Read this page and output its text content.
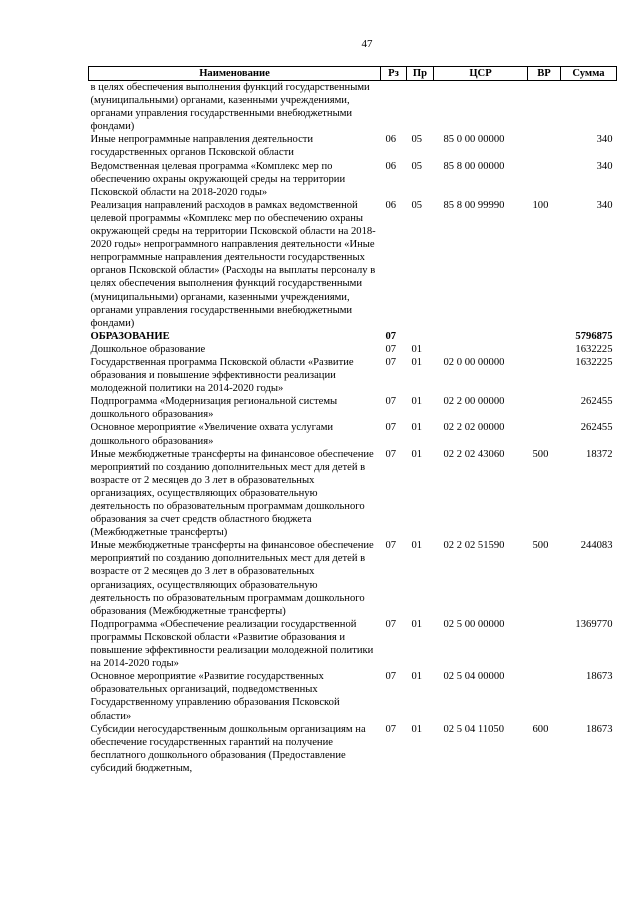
47
Наименование	Рз	Пр	ЦСР	ВР	Сумма
в целях обеспечения выполнения функций государственными (муниципальными) органами, казенными учреждениями, органами управления государственными внебюджетными фондами)					
Иные непрограммные направления деятельности государственных органов Псковской области	06	05	85 0 00 00000		340
Ведомственная целевая программа «Комплекс мер по обеспечению охраны окружающей среды на территории Псковской области на 2018-2020 годы»	06	05	85 8 00 00000		340
Реализация направлений расходов в рамках ведомственной целевой программы «Комплекс мер по обеспечению охраны окружающей среды на территории Псковской области на 2018-2020 годы» непрограммного направления деятельности «Иные непрограммные направления деятельности государственных органов Псковской области» (Расходы на выплаты персоналу в целях обеспечения выполнения функций государственными (муниципальными) органами, казенными учреждениями, органами управления государственными внебюджетными фондами)	06	05	85 8 00 99990	100	340
ОБРАЗОВАНИЕ	07				5796875
Дошкольное образование	07	01			1632225
Государственная программа Псковской области «Развитие образования и повышение эффективности реализации молодежной политики на 2014-2020 годы»	07	01	02 0 00 00000		1632225
Подпрограмма «Модернизация региональной системы дошкольного образования»	07	01	02 2 00 00000		262455
Основное мероприятие «Увеличение охвата услугами дошкольного образования»	07	01	02 2 02 00000		262455
Иные межбюджетные трансферты на финансовое обеспечение мероприятий по созданию дополнительных мест для детей в возрасте от 2 месяцев до 3 лет в образовательных организациях, осуществляющих образовательную деятельность по образовательным программам дошкольного образования за счет средств областного бюджета (Межбюджетные трансферты)	07	01	02 2 02 43060	500	18372
Иные межбюджетные трансферты на финансовое обеспечение мероприятий по созданию дополнительных мест для детей в возрасте от 2 месяцев до 3 лет в образовательных организациях, осуществляющих образовательную деятельность по образовательным программам дошкольного образования (Межбюджетные трансферты)	07	01	02 2 02 51590	500	244083
Подпрограмма «Обеспечение реализации государственной программы Псковской области «Развитие образования и повышение эффективности реализации молодежной политики на 2014-2020 годы»	07	01	02 5 00 00000		1369770
Основное мероприятие «Развитие государственных образовательных организаций, подведомственных Государственному управлению образования Псковской области»	07	01	02 5 04 00000		18673
Субсидии негосударственным дошкольным организациям на обеспечение государственных гарантий на получение бесплатного дошкольного образования (Предоставление субсидий бюджетным,	07	01	02 5 04 11050	600	18673
